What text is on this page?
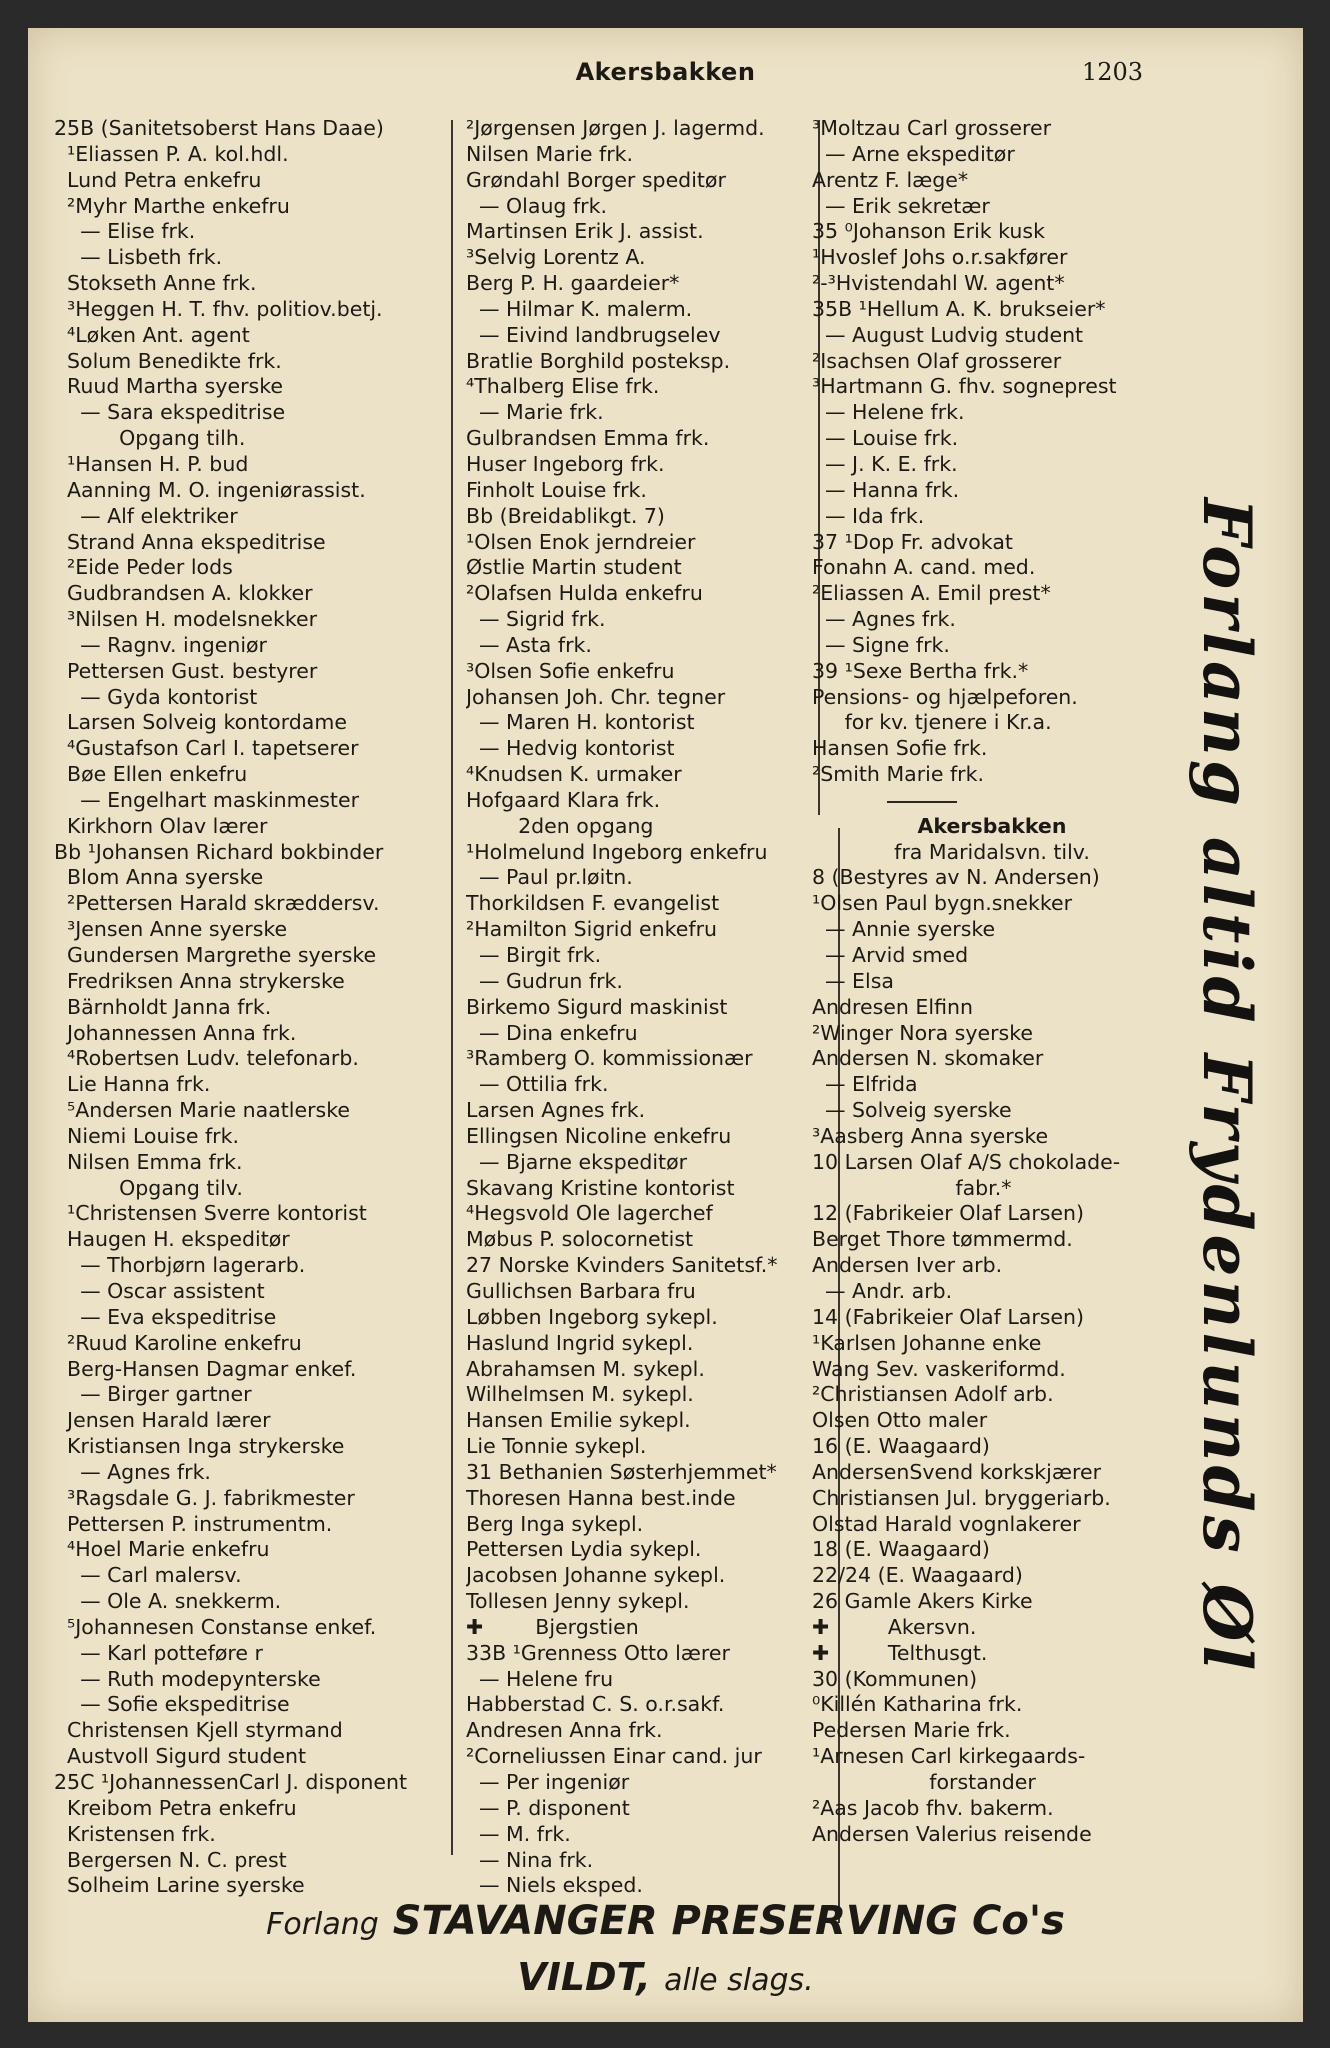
Akersbakken	1203
25B (Sanitetsoberst Hans Daae)
¹Eliassen P. A. kol.hdl.
Lund Petra enkefru
²Myhr Marthe enkefru
— Elise frk.
— Lisbeth frk.
Stokseth Anne frk.
³Heggen H. T. fhv. politiov.betj.
⁴Løken Ant. agent
Solum Benedikte frk.
Ruud Martha syerske
— Sara ekspeditrise
Opgang tilh.
¹Hansen H. P. bud
Aanning M. O. ingeniørassist.
— Alf elektriker
Strand Anna ekspeditrise
²Eide Peder lods
Gudbrandsen A. klokker
³Nilsen H. modelsnekker
— Ragnv. ingeniør
Pettersen Gust. bestyrer
— Gyda kontorist
Larsen Solveig kontordame
⁴Gustafson Carl I. tapetserer
Bøe Ellen enkefru
— Engelhart maskinmester
Kirkhorn Olav lærer
Bb ¹Johansen Richard bokbinder
Blom Anna syerske
²Pettersen Harald skræddersv.
³Jensen Anne syerske
Gundersen Margrethe syerske
Fredriksen Anna strykerske
Bärnholdt Janna frk.
Johannessen Anna frk.
⁴Robertsen Ludv. telefonarb.
Lie Hanna frk.
⁵Andersen Marie naatlerske
Niemi Louise frk.
Nilsen Emma frk.
Opgang tilv.
¹Christensen Sverre kontorist
Haugen H. ekspeditør
— Thorbjørn lagerarb.
— Oscar assistent
— Eva ekspeditrise
²Ruud Karoline enkefru
Berg-Hansen Dagmar enkef.
— Birger gartner
Jensen Harald lærer
Kristiansen Inga strykerske
— Agnes frk.
³Ragsdale G. J. fabrikmester
Pettersen P. instrumentm.
⁴Hoel Marie enkefru
— Carl malersv.
— Ole A. snekkerm.
⁵Johannesen Constanse enkef.
— Karl potteføre r
— Ruth modepynterske
— Sofie ekspeditrise
Christensen Kjell styrmand
Austvoll Sigurd student
25C ¹JohannessenCarl J. disponent
Kreibom Petra enkefru
Kristensen frk.
Bergersen N. C. prest
Solheim Larine syerske
²Jørgensen Jørgen J. lagermd.
Nilsen Marie frk.
Grøndahl Borger speditør
— Olaug frk.
Martinsen Erik J. assist.
³Selvig Lorentz A.
Berg P. H. gaardeier*
— Hilmar K. malerm.
— Eivind landbrugselev
Bratlie Borghild posteksp.
⁴Thalberg Elise frk.
— Marie frk.
Gulbrandsen Emma frk.
Huser Ingeborg frk.
Finholt Louise frk.
Bb (Breidablikgt. 7)
¹Olsen Enok jerndreier
Østlie Martin student
²Olafsen Hulda enkefru
— Sigrid frk.
— Asta frk.
³Olsen Sofie enkefru
Johansen Joh. Chr. tegner
— Maren H. kontorist
— Hedvig kontorist
⁴Knudsen K. urmaker
Hofgaard Klara frk.
2den opgang
¹Holmelund Ingeborg enkefru
— Paul pr.løitn.
Thorkildsen F. evangelist
²Hamilton Sigrid enkefru
— Birgit frk.
— Gudrun frk.
Birkemo Sigurd maskinist
— Dina enkefru
³Ramberg O. kommissionær
— Ottilia frk.
Larsen Agnes frk.
Ellingsen Nicoline enkefru
— Bjarne ekspeditør
Skavang Kristine kontorist
⁴Hegsvold Ole lagerchef
Møbus P. solocornetist
27 Norske Kvinders Sanitetsf.*
Gullichsen Barbara fru
Løbben Ingeborg sykepl.
Haslund Ingrid sykepl.
Abrahamsen M. sykepl.
Wilhelmsen M. sykepl.
Hansen Emilie sykepl.
Lie Tonnie sykepl.
31 Bethanien Søsterhjemmet*
Thoresen Hanna best.inde
Berg Inga sykepl.
Pettersen Lydia sykepl.
Jacobsen Johanne sykepl.
Tollesen Jenny sykepl.
✚        Bjergstien
33B ¹Grenness Otto lærer
— Helene fru
Habberstad C. S. o.r.sakf.
Andresen Anna frk.
²Corneliussen Einar cand. jur
— Per ingeniør
— P. disponent
— M. frk.
— Nina frk.
— Niels eksped.
³Moltzau Carl grosserer
— Arne ekspeditør
Arentz F. læge*
— Erik sekretær
35 ⁰Johanson Erik kusk
¹Hvoslef Johs o.r.sakfører
²-³Hvistendahl W. agent*
35B ¹Hellum A. K. brukseier*
— August Ludvig student
²Isachsen Olaf grosserer
³Hartmann G. fhv. sogneprest
— Helene frk.
— Louise frk.
— J. K. E. frk.
— Hanna frk.
— Ida frk.
37 ¹Dop Fr. advokat
Fonahn A. cand. med.
²Eliassen A. Emil prest*
— Agnes frk.
— Signe frk.
39 ¹Sexe Bertha frk.*
Pensions- og hjælpeforen.
for kv. tjenere i Kr.a.
Hansen Sofie frk.
²Smith Marie frk.
Akersbakken
fra Maridalsvn. tilv.
8 (Bestyres av N. Andersen)
¹Olsen Paul bygn.snekker
— Annie syerske
— Arvid smed
— Elsa
Andresen Elfinn
²Winger Nora syerske
Andersen N. skomaker
— Elfrida
— Solveig syerske
³Aasberg Anna syerske
10 Larsen Olaf A/S chokolade-
fabr.*
12 (Fabrikeier Olaf Larsen)
Berget Thore tømmermd.
Andersen Iver arb.
— Andr. arb.
14 (Fabrikeier Olaf Larsen)
¹Karlsen Johanne enke
Wang Sev. vaskeriformd.
²Christiansen Adolf arb.
Olsen Otto maler
16 (E. Waagaard)
AndersenSvend korkskjærer
Christiansen Jul. bryggeriarb.
Olstad Harald vognlakerer
18 (E. Waagaard)
22/24 (E. Waagaard)
26 Gamle Akers Kirke
✚         Akersvn.
✚         Telthusgt.
30 (Kommunen)
⁰Killén Katharina frk.
Pedersen Marie frk.
¹Arnesen Carl kirkegaards-
forstander
²Aas Jacob fhv. bakerm.
Andersen Valerius reisende
Forlang altid Frydenlunds Øl
Forlang STAVANGER PRESERVING Co's
VILDT, alle slags.
